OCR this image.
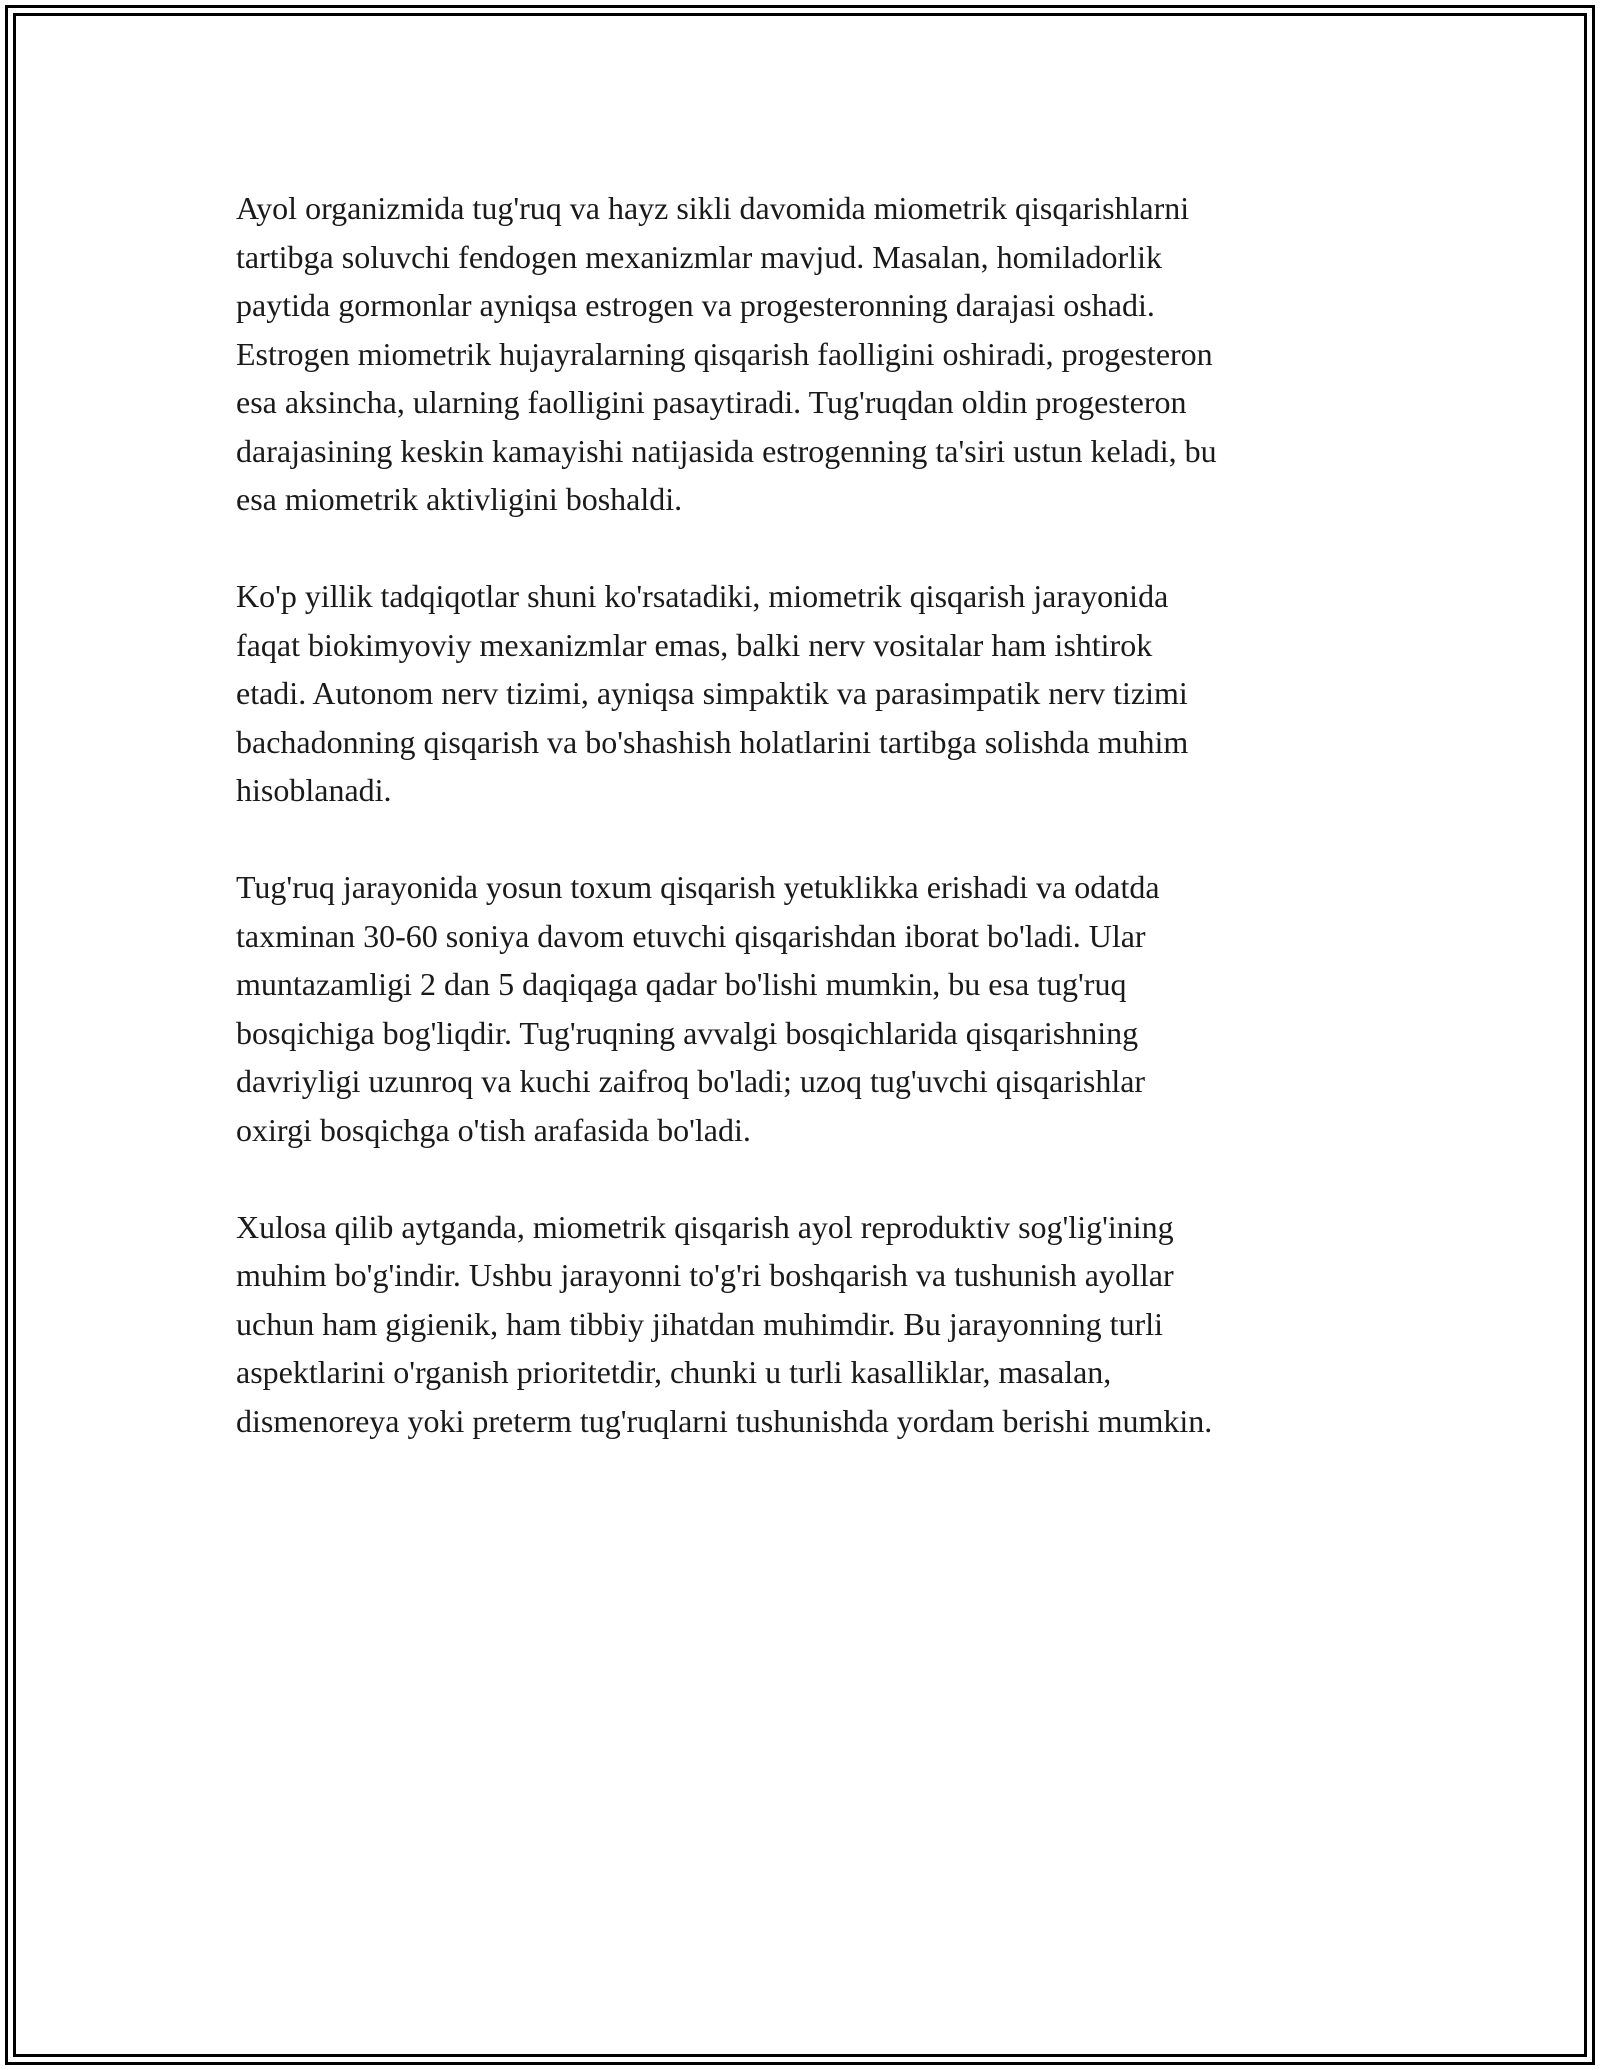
Ayol organizmida tug'ruq va hayz sikli davomida miometrik qisqarishlarni
tartibga soluvchi fendogen mexanizmlar mavjud. Masalan, homiladorlik
paytida gormonlar ayniqsa estrogen va progesteronning darajasi oshadi.
Estrogen miometrik hujayralarning qisqarish faolligini oshiradi, progesteron
esa aksincha, ularning faolligini pasaytiradi. Tug'ruqdan oldin progesteron
darajasining keskin kamayishi natijasida estrogenning ta'siri ustun keladi, bu
esa miometrik aktivligini boshaldi.

Ko'p yillik tadqiqotlar shuni ko'rsatadiki, miometrik qisqarish jarayonida
faqat biokimyoviy mexanizmlar emas, balki nerv vositalar ham ishtirok
etadi. Autonom nerv tizimi, ayniqsa simpaktik va parasimpatik nerv tizimi
bachadonning qisqarish va bo'shashish holatlarini tartibga solishda muhim
hisoblanadi.

Tug'ruq jarayonida yosun toxum qisqarish yetuklikka erishadi va odatda
taxminan 30-60 soniya davom etuvchi qisqarishdan iborat bo'ladi. Ular
muntazamligi 2 dan 5 daqiqaga qadar bo'lishi mumkin, bu esa tug'ruq
bosqichiga bog'liqdir. Tug'ruqning avvalgi bosqichlarida qisqarishning
davriyligi uzunroq va kuchi zaifroq bo'ladi; uzoq tug'uvchi qisqarishlar
oxirgi bosqichga o'tish arafasida bo'ladi.

Xulosa qilib aytganda, miometrik qisqarish ayol reproduktiv sog'lig'ining
muhim bo'g'indir. Ushbu jarayonni to'g'ri boshqarish va tushunish ayollar
uchun ham gigienik, ham tibbiy jihatdan muhimdir. Bu jarayonning turli
aspektlarini o'rganish prioritetdir, chunki u turli kasalliklar, masalan,
dismenoreya yoki preterm tug'ruqlarni tushunishda yordam berishi mumkin.
